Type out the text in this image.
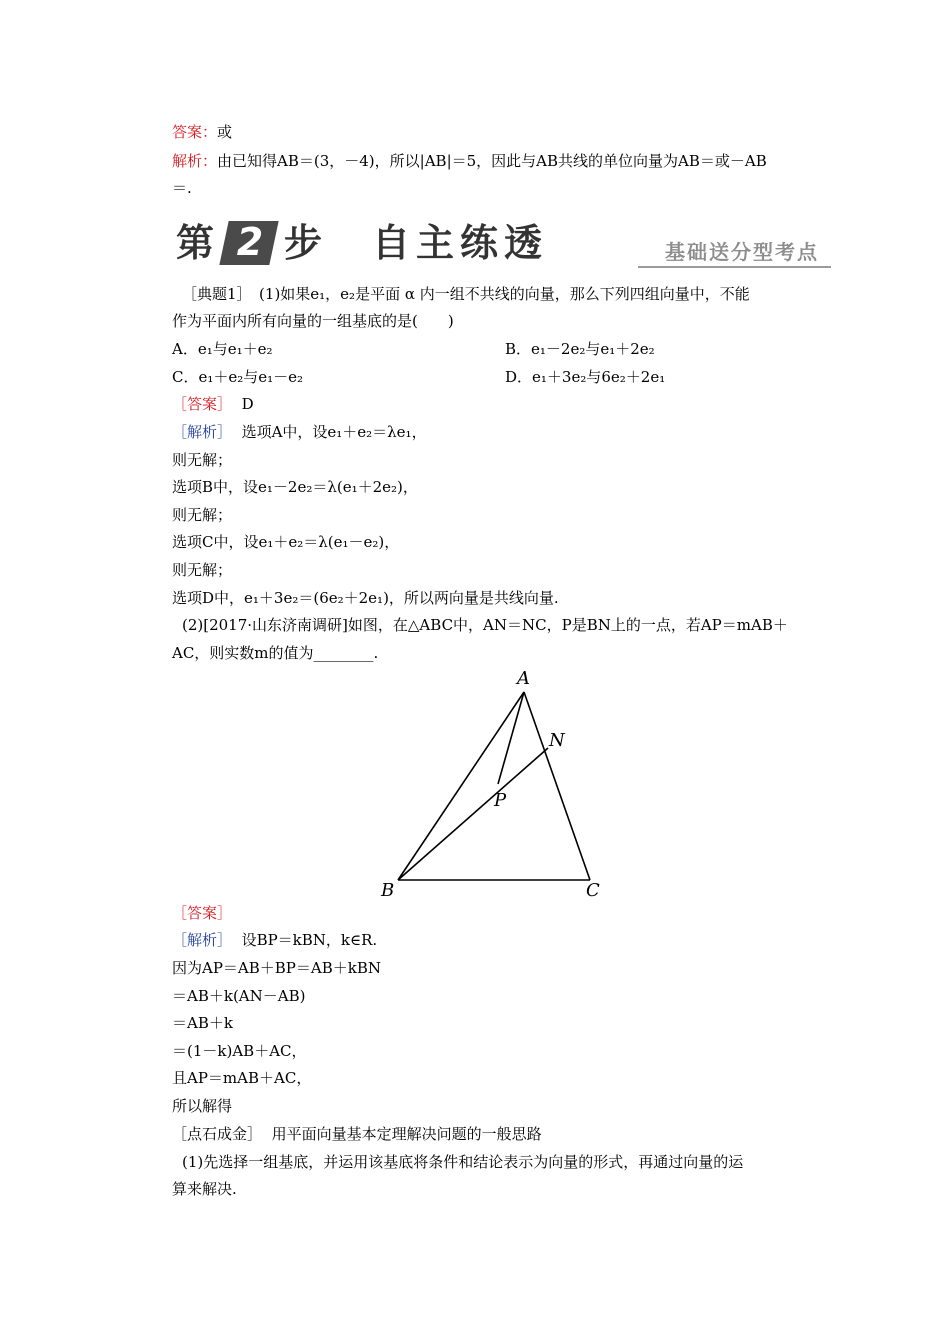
答案：或
解析：由已知得AB＝(3，－4)，所以|AB|＝5，因此与AB共线的单位向量为AB＝或－AB
＝.
第 2 步 自主练透	基础送分型考点
［典题1］　(1)如果e₁，e₂是平面 α 内一组不共线的向量，那么下列四组向量中，不能
作为平面内所有向量的一组基底的是(　　)
A．e₁与e₁＋e₂	B．e₁－2e₂与e₁＋2e₂
C．e₁＋e₂与e₁－e₂	D．e₁＋3e₂与6e₂＋2e₁
［答案］ D
［解析］ 选项A中，设e₁＋e₂＝λe₁，
则无解；
选项B中，设e₁－2e₂＝λ(e₁＋2e₂)，
则无解；
选项C中，设e₁＋e₂＝λ(e₁－e₂)，
则无解；
选项D中，e₁＋3e₂＝(6e₂＋2e₁)，所以两向量是共线向量.
(2)[2017·山东济南调研]如图，在△ABC中，AN＝NC，P是BN上的一点，若AP＝mAB＋
AC，则实数m的值为________.
A
B	C
N
P
［答案］
［解析］ 设BP＝kBN，k∈R.
因为AP＝AB＋BP＝AB＋kBN
＝AB＋k(AN－AB)
＝AB＋k
＝(1－k)AB＋AC，
且AP＝mAB＋AC，
所以解得
［点石成金］ 用平面向量基本定理解决问题的一般思路
(1)先选择一组基底，并运用该基底将条件和结论表示为向量的形式，再通过向量的运
算来解决.
